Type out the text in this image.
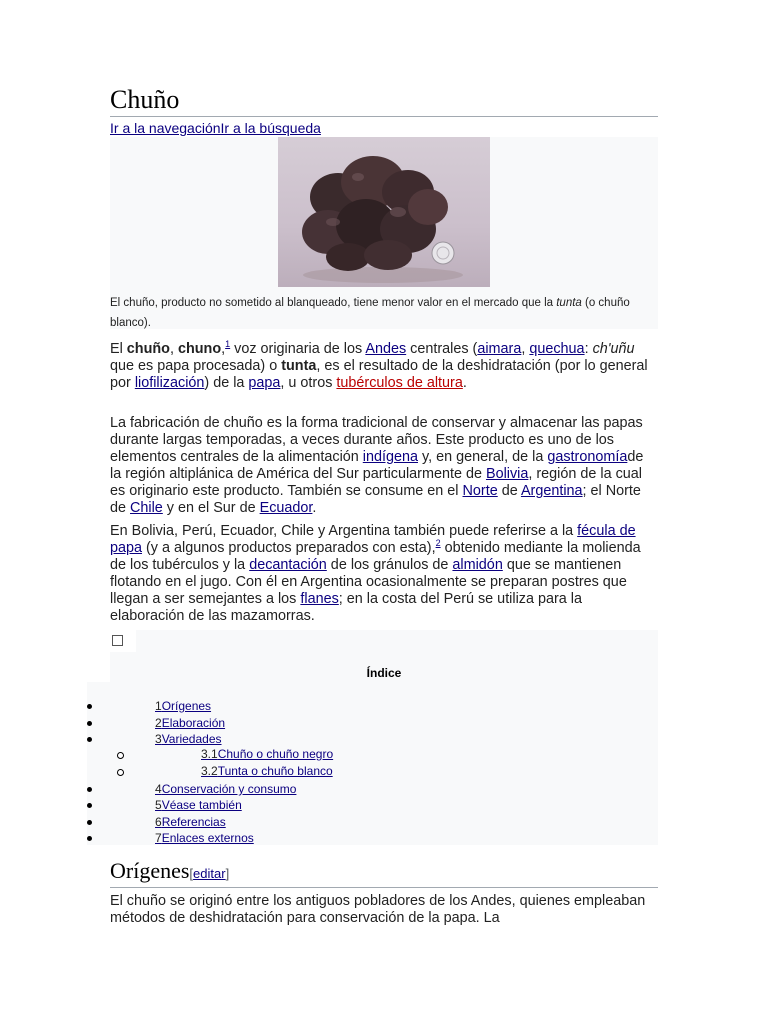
Chuño
Ir a la navegaciónIr a la búsqueda
El chuño, producto no sometido al blanqueado, tiene menor valor en el mercado que la tunta (o chuño blanco).

El chuño, chuno,$^1$ voz originaria de los Andes centrales (aimara, quechua: ch'uñu que es papa procesada) o tunta, es el resultado de la deshidratación (por lo general por liofilización) de la papa, u otros tubérculos de altura.

La fabricación de chuño es la forma tradicional de conservar y almacenar las papas durante largas temporadas, a veces durante años. Este producto es uno de los elementos centrales de la alimentación indígena y, en general, de la gastronomíade la región altiplánica de América del Sur particularmente de Bolivia, región de la cual es originario este producto. También se consume en el Norte de Argentina; el Norte de Chile y en el Sur de Ecuador.

En Bolivia, Perú, Ecuador, Chile y Argentina también puede referirse a la fécula de papa (y a algunos productos preparados con esta),$^2$ obtenido mediante la molienda de los tubérculos y la decantación de los gránulos de almidón que se mantienen flotando en el jugo. Con él en Argentina ocasionalmente se preparan postres que llegan a ser semejantes a los flanes; en la costa del Perú se utiliza para la elaboración de las mazamorras.

Índice
1Orígenes
2Elaboración
3Variedades
3.1Chuño o chuño negro
3.2Tunta o chuño blanco
4Conservación y consumo
5Véase también
6Referencias
7Enlaces externos
Orígenes[editar]

El chuño se originó entre los antiguos pobladores de los Andes, quienes empleaban métodos de deshidratación para conservación de la papa. La
